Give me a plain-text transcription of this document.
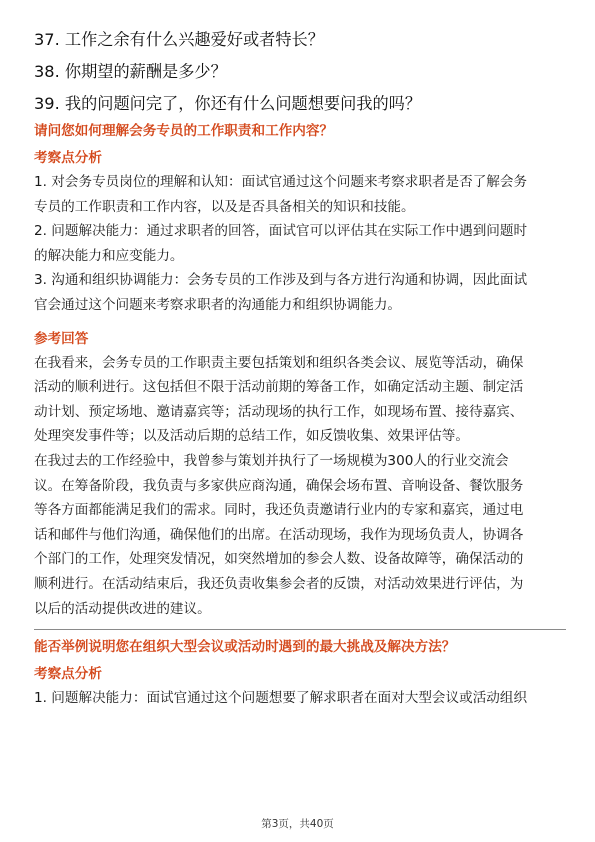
37. 工作之余有什么兴趣爱好或者特长？
38. 你期望的薪酬是多少？
39. 我的问题问完了，你还有什么问题想要问我的吗？
请问您如何理解会务专员的工作职责和工作内容？
考察点分析

1. 对会务专员岗位的理解和认知：面试官通过这个问题来考察求职者是否了解会务
专员的工作职责和工作内容，以及是否具备相关的知识和技能。

2. 问题解决能力：通过求职者的回答，面试官可以评估其在实际工作中遇到问题时
的解决能力和应变能力。

3. 沟通和组织协调能力：会务专员的工作涉及到与各方进行沟通和协调，因此面试
官会通过这个问题来考察求职者的沟通能力和组织协调能力。

参考回答

在我看来，会务专员的工作职责主要包括策划和组织各类会议、展览等活动，确保
活动的顺利进行。这包括但不限于活动前期的筹备工作，如确定活动主题、制定活
动计划、预定场地、邀请嘉宾等；活动现场的执行工作，如现场布置、接待嘉宾、
处理突发事件等；以及活动后期的总结工作，如反馈收集、效果评估等。

在我过去的工作经验中，我曾参与策划并执行了一场规模为300人的行业交流会
议。在筹备阶段，我负责与多家供应商沟通，确保会场布置、音响设备、餐饮服务
等各方面都能满足我们的需求。同时，我还负责邀请行业内的专家和嘉宾，通过电
话和邮件与他们沟通，确保他们的出席。在活动现场，我作为现场负责人，协调各
个部门的工作，处理突发情况，如突然增加的参会人数、设备故障等，确保活动的
顺利进行。在活动结束后，我还负责收集参会者的反馈，对活动效果进行评估，为
以后的活动提供改进的建议。

能否举例说明您在组织大型会议或活动时遇到的最大挑战及解决方法？
考察点分析

1. 问题解决能力：面试官通过这个问题想要了解求职者在面对大型会议或活动组织

第3页，共40页
